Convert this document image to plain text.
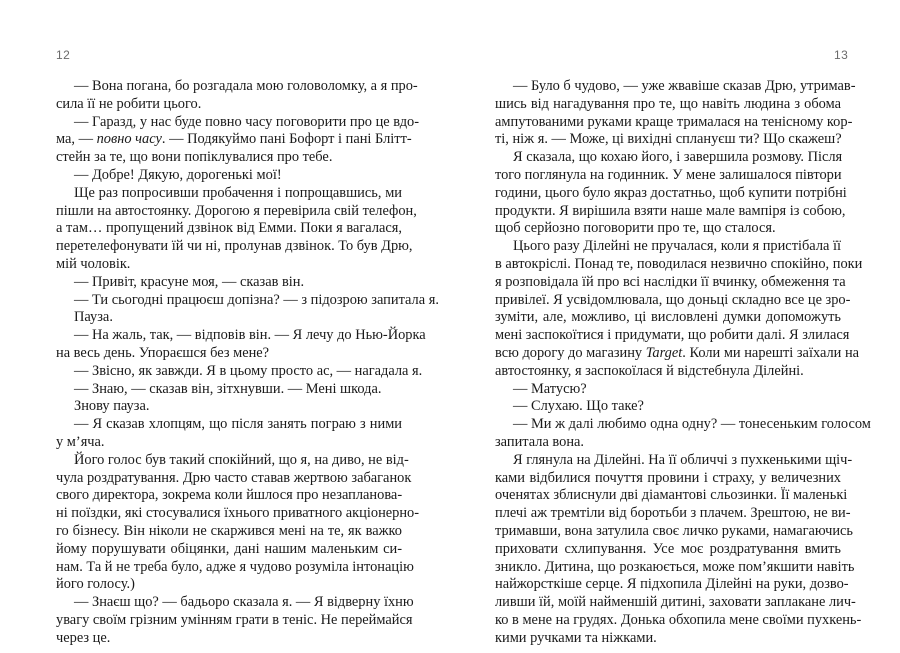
12
— Вона погана, бо розгадала мою головоломку, а я про-
сила її не робити цього.
— Гаразд, у нас буде повно часу поговорити про це вдо-
ма, — повно часу. — Подякуймо пані Бофорт і пані Блітт-
стейн за те, що вони попіклувалися про тебе.
— Добре! Дякую, дорогенькі мої!
Ще раз попросивши пробачення і попрощавшись, ми
пішли на автостоянку. Дорогою я перевірила свій телефон,
а там… пропущений дзвінок від Емми. Поки я вагалася,
перетелефонувати їй чи ні, пролунав дзвінок. То був Дрю,
мій чоловік.
— Привіт, красуне моя, — сказав він.
— Ти сьогодні працюєш допізна? — з підозрою запитала я.
Пауза.
— На жаль, так, — відповів він. — Я лечу до Нью-Йорка
на весь день. Упораєшся без мене?
— Звісно, як завжди. Я в цьому просто ас, — нагадала я.
— Знаю, — сказав він, зітхнувши. — Мені шкода.
Знову пауза.
— Я сказав хлопцям, що після занять пограю з ними
у м’яча.
Його голос був такий спокійний, що я, на диво, не від-
чула роздратування. Дрю часто ставав жертвою забаганок
свого директора, зокрема коли йшлося про незапланова-
ні поїздки, які стосувалися їхнього приватного акціонерно-
го бізнесу. Він ніколи не скаржився мені на те, як важко
йому порушувати обіцянки, дані нашим маленьким си-
нам. Та й не треба було, адже я чудово розуміла інтонацію
його голосу.)
— Знаєш що? — бадьоро сказала я. — Я відверну їхню
увагу своїм грізним умінням грати в теніс. Не переймайся
через це.
13
— Було б чудово, — уже жвавіше сказав Дрю, утримав-
шись від нагадування про те, що навіть людина з обома
ампутованими руками краще трималася на тенісному кор-
ті, ніж я. — Може, ці вихідні сплануєш ти? Що скажеш?
Я сказала, що кохаю його, і завершила розмову. Після
того поглянула на годинник. У мене залишалося півтори
години, цього було якраз достатньо, щоб купити потрібні
продукти. Я вирішила взяти наше мале вампіря із собою,
щоб серйозно поговорити про те, що сталося.
Цього разу Ділейні не пручалася, коли я пристібала її
в автокріслі. Понад те, поводилася незвично спокійно, поки
я розповідала їй про всі наслідки її вчинку, обмеження та
привілеї. Я усвідомлювала, що доньці складно все це зро-
зуміти, але, можливо, ці висловлені думки допоможуть
мені заспокоїтися і придумати, що робити далі. Я злилася
всю дорогу до магазину Target. Коли ми нарешті заїхали на
автостоянку, я заспокоїлася й відстебнула Ділейні.
— Матусю?
— Слухаю. Що таке?
— Ми ж далі любимо одна одну? — тонесеньким голосом
запитала вона.
Я глянула на Ділейні. На її обличчі з пухкенькими щіч-
ками відбилися почуття провини і страху, у величезних
оченятах зблиснули дві діамантові сльозинки. Її маленькі
плечі аж тремтіли від боротьби з плачем. Зрештою, не ви-
тримавши, вона затулила своє личко руками, намагаючись
приховати схлипування. Усе моє роздратування вмить
зникло. Дитина, що розкаюється, може пом’якшити навіть
найжорсткіше серце. Я підхопила Ділейні на руки, дозво-
ливши їй, моїй найменшій дитині, заховати заплакане лич-
ко в мене на грудях. Донька обхопила мене своїми пухкень-
кими ручками та ніжками.
